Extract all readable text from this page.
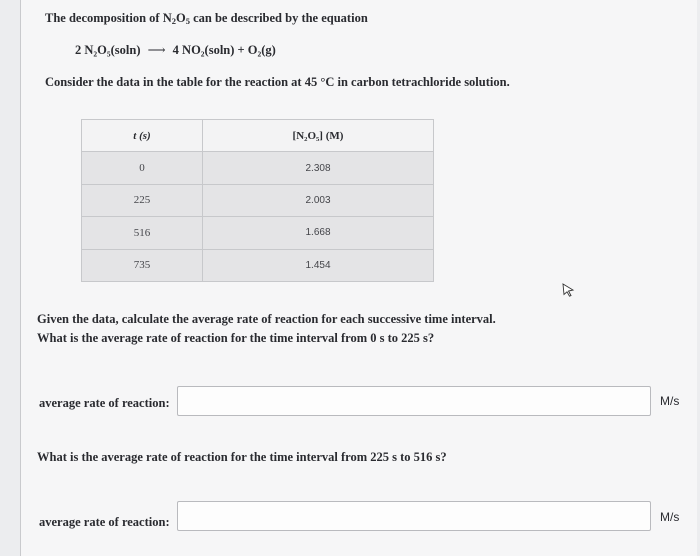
The decomposition of $N_2O_5$ can be described by the equation
2 N₂O₅(soln) ⟶ 4 NO₂(soln) + O₂(g)
Consider the data in the table for the reaction at 45 °C in carbon tetrachloride solution.
t (s)	[N₂O₅] (M)
0	2.308
225	2.003
516	1.668
735	1.454
Given the data, calculate the average rate of reaction for each successive time interval.
What is the average rate of reaction for the time interval from 0 s to 225 s?
average rate of reaction:	M/s
What is the average rate of reaction for the time interval from 225 s to 516 s?
average rate of reaction:	M/s
